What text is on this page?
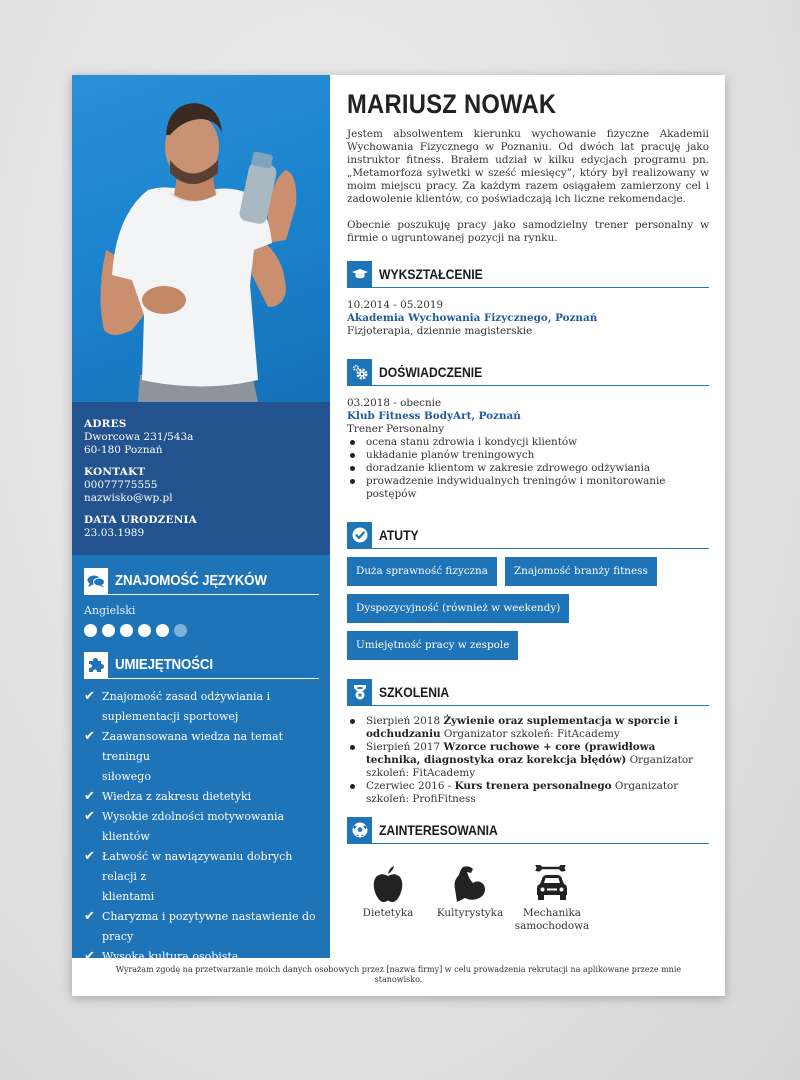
ADRES
Dworcowa 231/543a
60-180 Poznań
KONTAKT
00077775555
nazwisko@wp.pl
DATA URODZENIA
23.03.1989
ZNAJOMOŚĆ JĘZYKÓW
Angielski
UMIEJĘTNOŚCI
✔ Znajomość zasad odżywiania i
suplementacji sportowej
✔ Zaawansowana wiedza na temat treningu
siłowego
✔ Wiedza z zakresu dietetyki
✔ Wysokie zdolności motywowania klientów
✔ Łatwość w nawiązywaniu dobrych relacji z
klientami
✔ Charyzma i pozytywne nastawienie do
pracy
✔ Wysoka kultura osobista
✔ Wiedza z zakresu fizjoterapii
MARIUSZ NOWAK

Jestem absolwentem kierunku wychowanie fizyczne Akademii Wychowania Fizycznego w Poznaniu. Od dwóch lat pracuję jako instruktor fitness. Brałem udział w kilku edycjach programu pn. „Metamorfoza sylwetki w sześć miesięcy”, który był realizowany w moim miejscu pracy. Za każdym razem osiągałem zamierzony cel i zadowolenie klientów, co poświadczają ich liczne rekomendacje.

Obecnie poszukuję pracy jako samodzielny trener personalny w firmie o ugruntowanej pozycji na rynku.

WYKSZTAŁCENIE
10.2014 - 05.2019
Akademia Wychowania Fizycznego, Poznań
Fizjoterapia, dziennie magisterskie
DOŚWIADCZENIE
03.2018 - obecnie
Klub Fitness BodyArt, Poznań
Trener Personalny
ocena stanu zdrowia i kondycji klientów
układanie planów treningowych
doradzanie klientom w zakresie zdrowego odżywiania
prowadzenie indywidualnych treningów i monitorowanie postępów
ATUTY
Duża sprawność fizyczna	Znajomość branży fitness
Dyspozycyjność (również w weekendy)
Umiejętność pracy w zespole
SZKOLENIA
Sierpień 2018 Żywienie oraz suplementacja w sporcie i odchudzaniu Organizator szkoleń: FitAcademy
Sierpień 2017 Wzorce ruchowe + core (prawidłowa technika, diagnostyka oraz korekcja błędów) Organizator szkoleń: FitAcademy
Czerwiec 2016 - Kurs trenera personalnego Organizator szkoleń: ProfiFitness
ZAINTERESOWANIA
Dietetyka	Kultyrystyka	Mechanika samochodowa
Wyrażam zgodę na przetwarzanie moich danych osobowych przez [nazwa firmy] w celu prowadzenia rekrutacji na aplikowane przeze mnie stanowisko.
